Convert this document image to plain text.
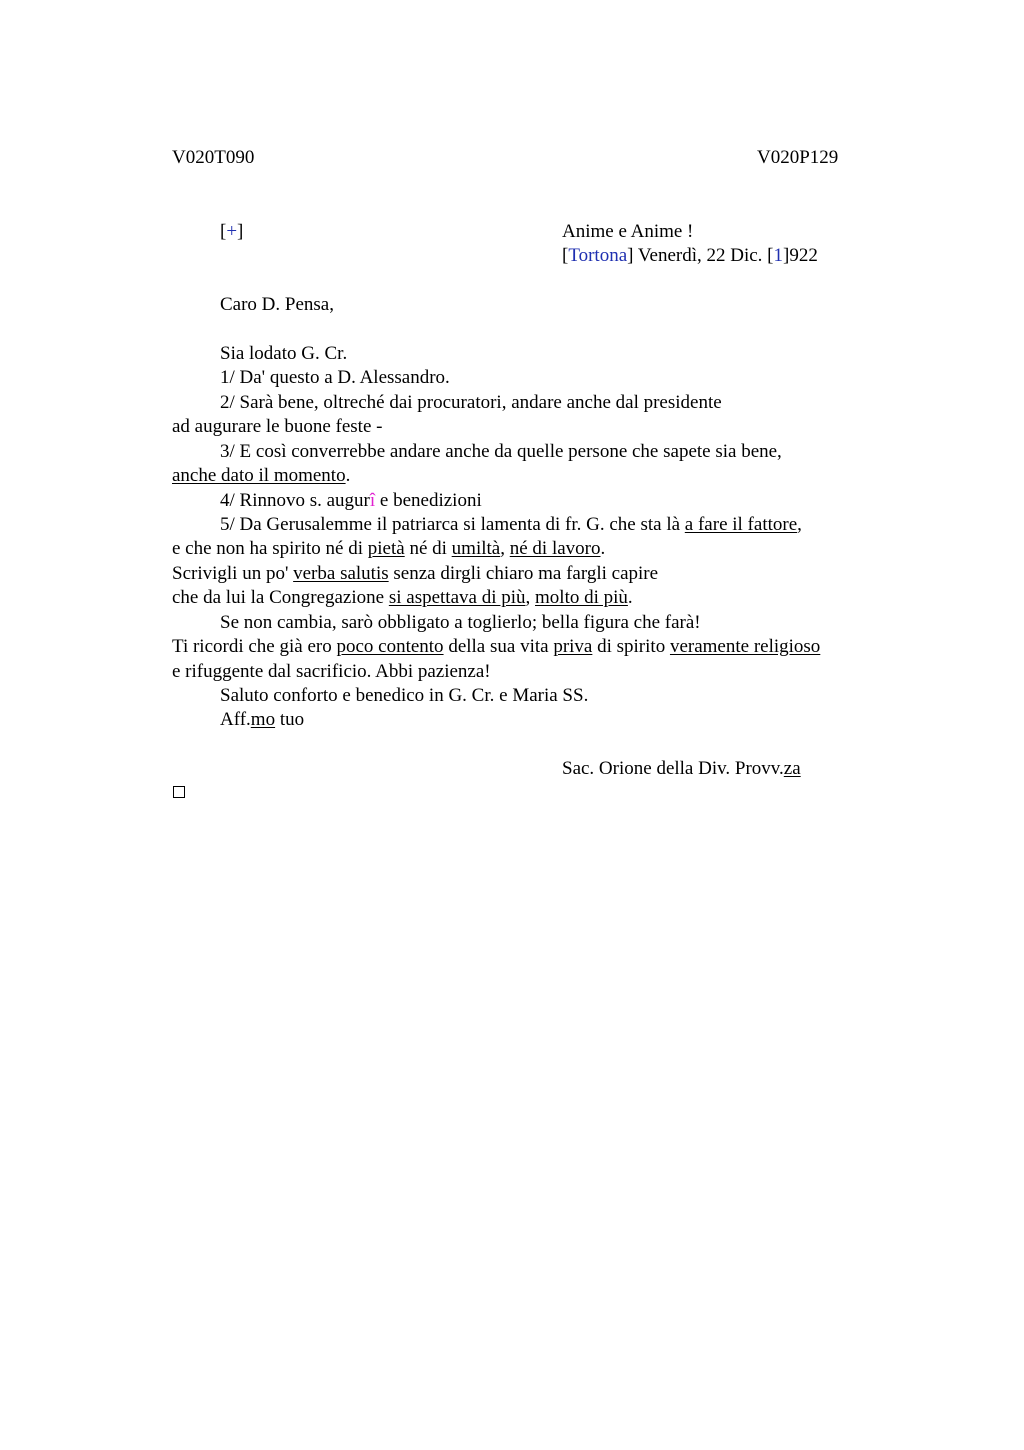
V020T090	V020P129
[+]	Anime e Anime !
[Tortona] Venerdì, 22 Dic. [1]922
Caro D. Pensa,
Sia lodato G. Cr.
1/ Da' questo a D. Alessandro.
2/ Sarà bene, oltreché dai procuratori, andare anche dal presidente
ad augurare le buone feste -
3/ E così converrebbe andare anche da quelle persone che sapete sia bene,
anche dato il momento.
4/ Rinnovo s. augurî e benedizioni
5/ Da Gerusalemme il patriarca si lamenta di fr. G. che sta là a fare il fattore,
e che non ha spirito né di pietà né di umiltà, né di lavoro.
Scrivigli un po' verba salutis senza dirgli chiaro ma fargli capire
che da lui la Congregazione si aspettava di più, molto di più.
Se non cambia, sarò obbligato a toglierlo; bella figura che farà!
Ti ricordi che già ero poco contento della sua vita priva di spirito veramente religioso
e rifuggente dal sacrificio. Abbi pazienza!
Saluto conforto e benedico in G. Cr. e Maria SS.
Aff.mo tuo
Sac. Orione della Div. Provv.za
